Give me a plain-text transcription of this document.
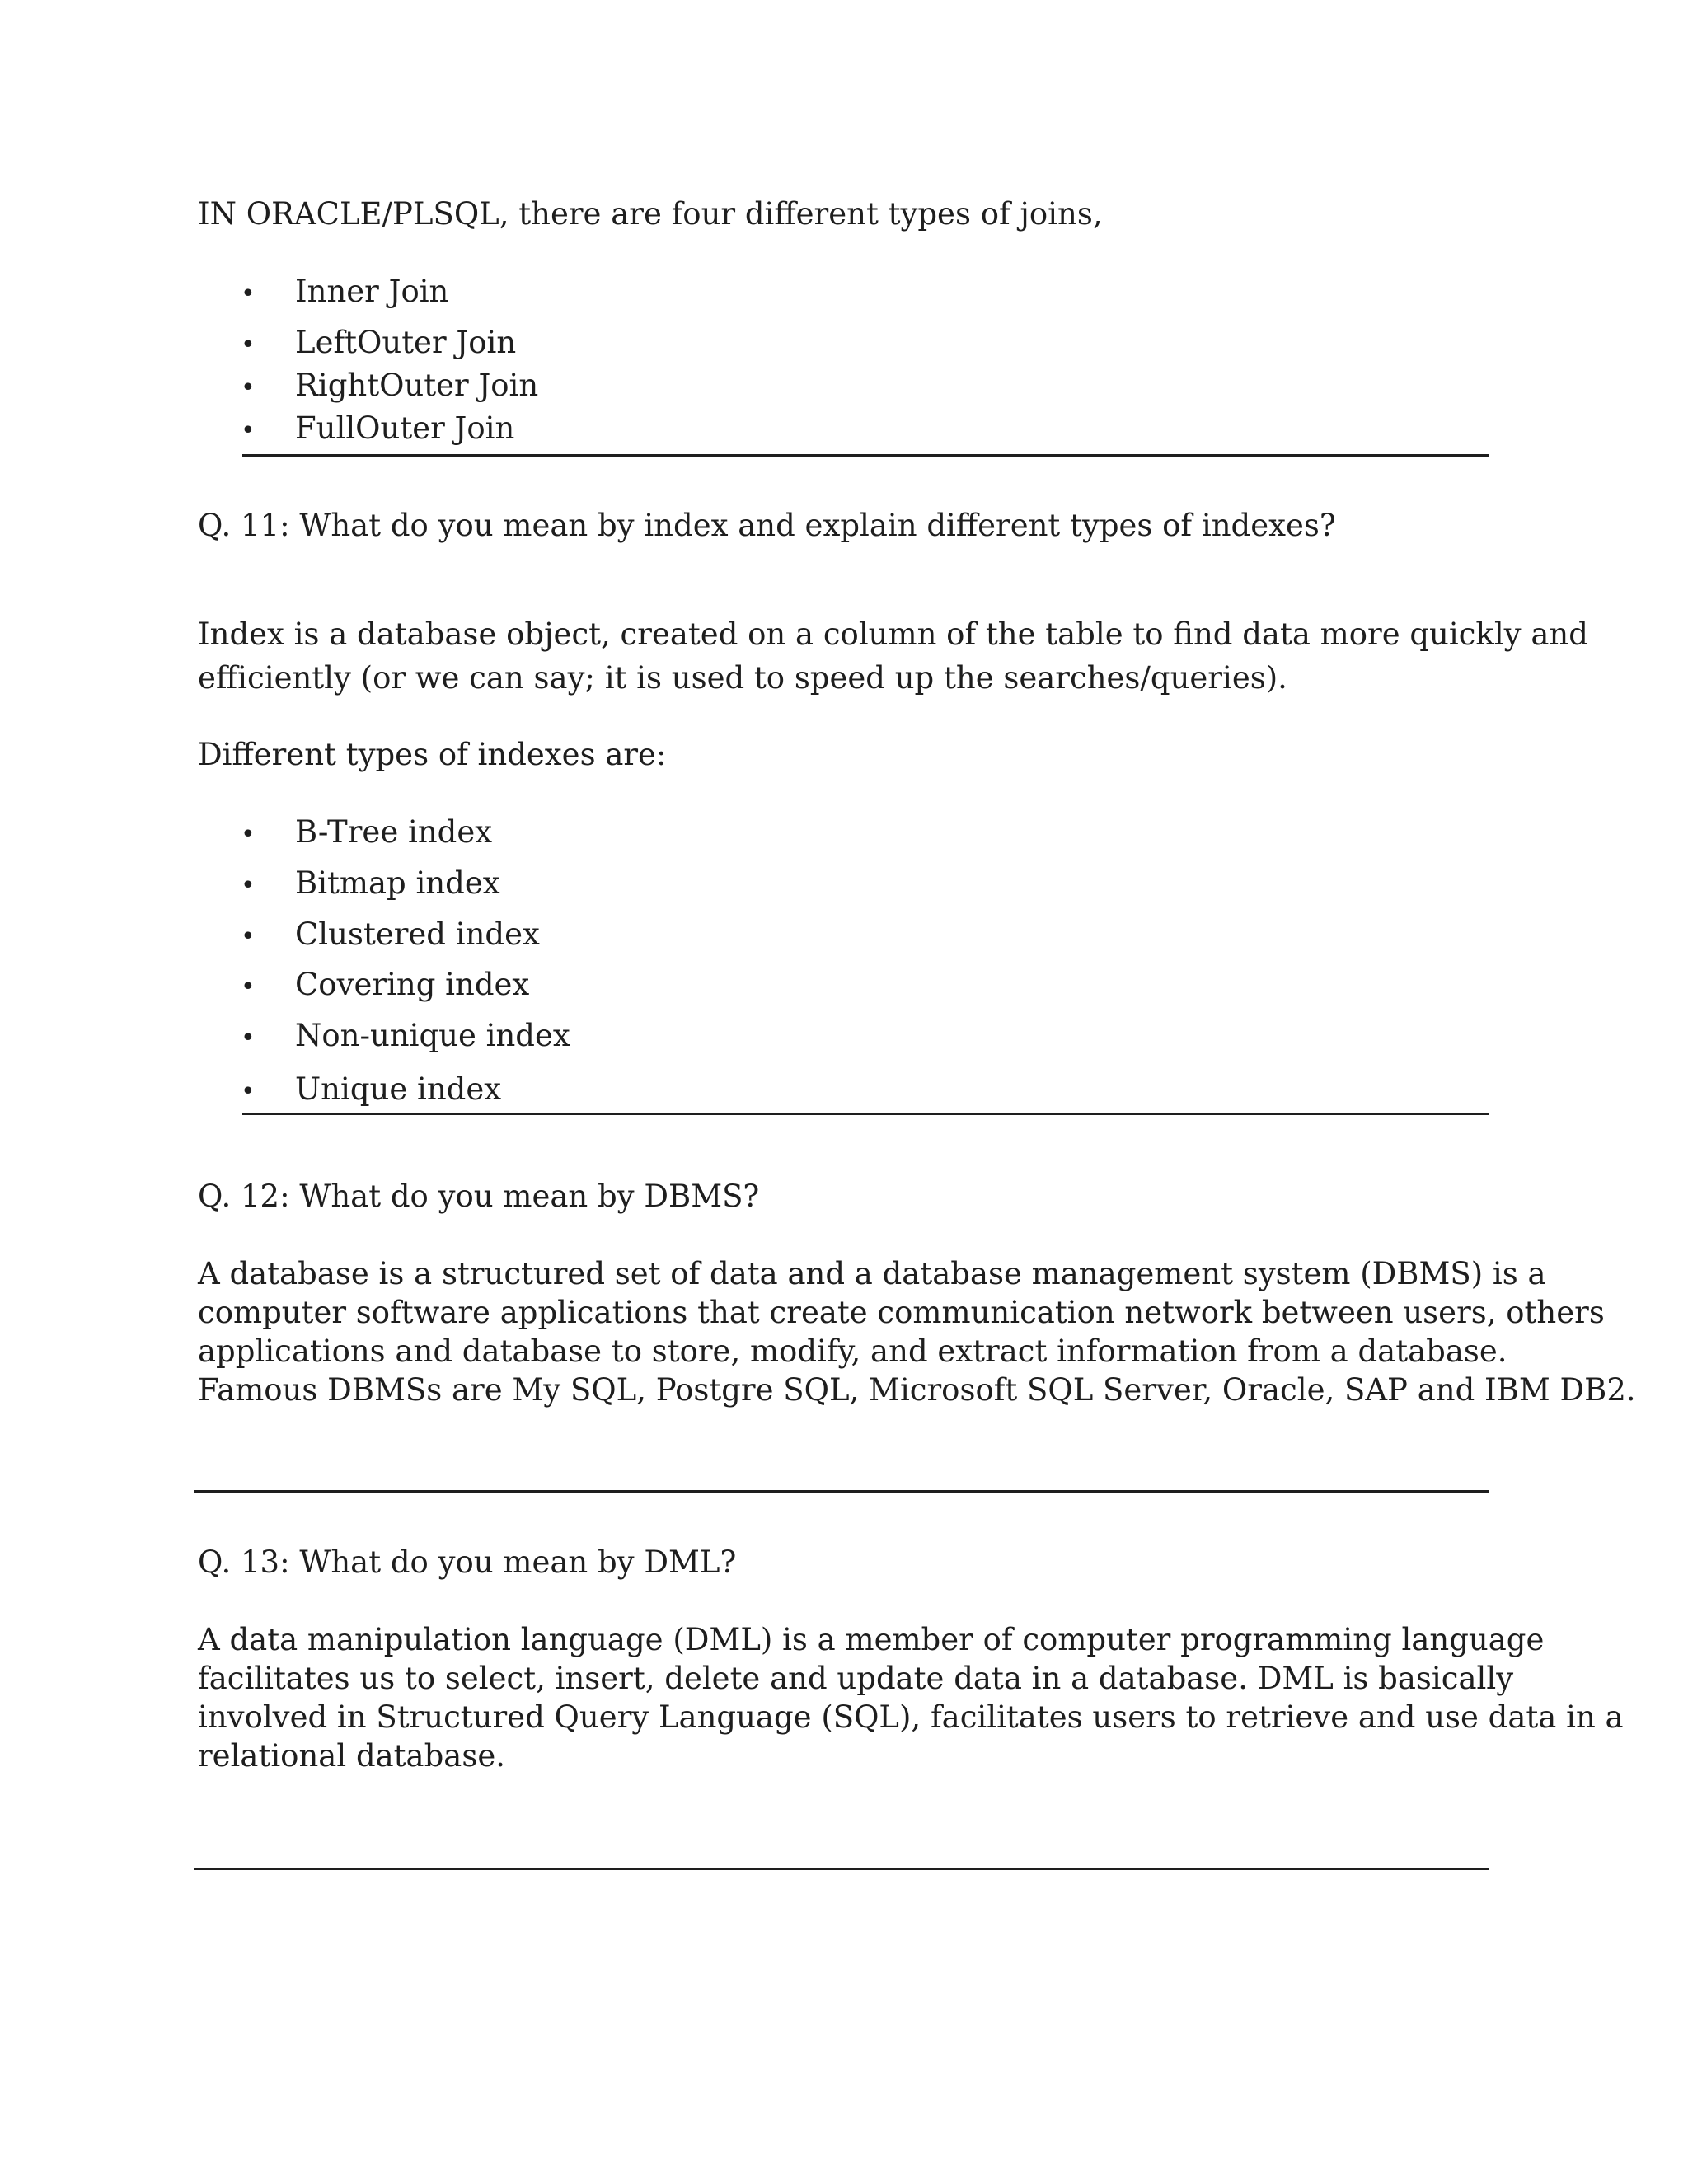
IN ORACLE/PLSQL, there are four different types of joins,

• Inner Join
• LeftOuter Join
• RightOuter Join
• FullOuter Join

Q. 11: What do you mean by index and explain different types of indexes?

Index is a database object, created on a column of the table to find data more quickly and
efficiently (or we can say; it is used to speed up the searches/queries).

Different types of indexes are:

• B-Tree index
• Bitmap index
• Clustered index
• Covering index
• Non-unique index
• Unique index

Q. 12: What do you mean by DBMS?

A database is a structured set of data and a database management system (DBMS) is a
computer software applications that create communication network between users, others
applications and database to store, modify, and extract information from a database.
Famous DBMSs are My SQL, Postgre SQL, Microsoft SQL Server, Oracle, SAP and IBM DB2.

Q. 13: What do you mean by DML?

A data manipulation language (DML) is a member of computer programming language
facilitates us to select, insert, delete and update data in a database. DML is basically
involved in Structured Query Language (SQL), facilitates users to retrieve and use data in a
relational database.
